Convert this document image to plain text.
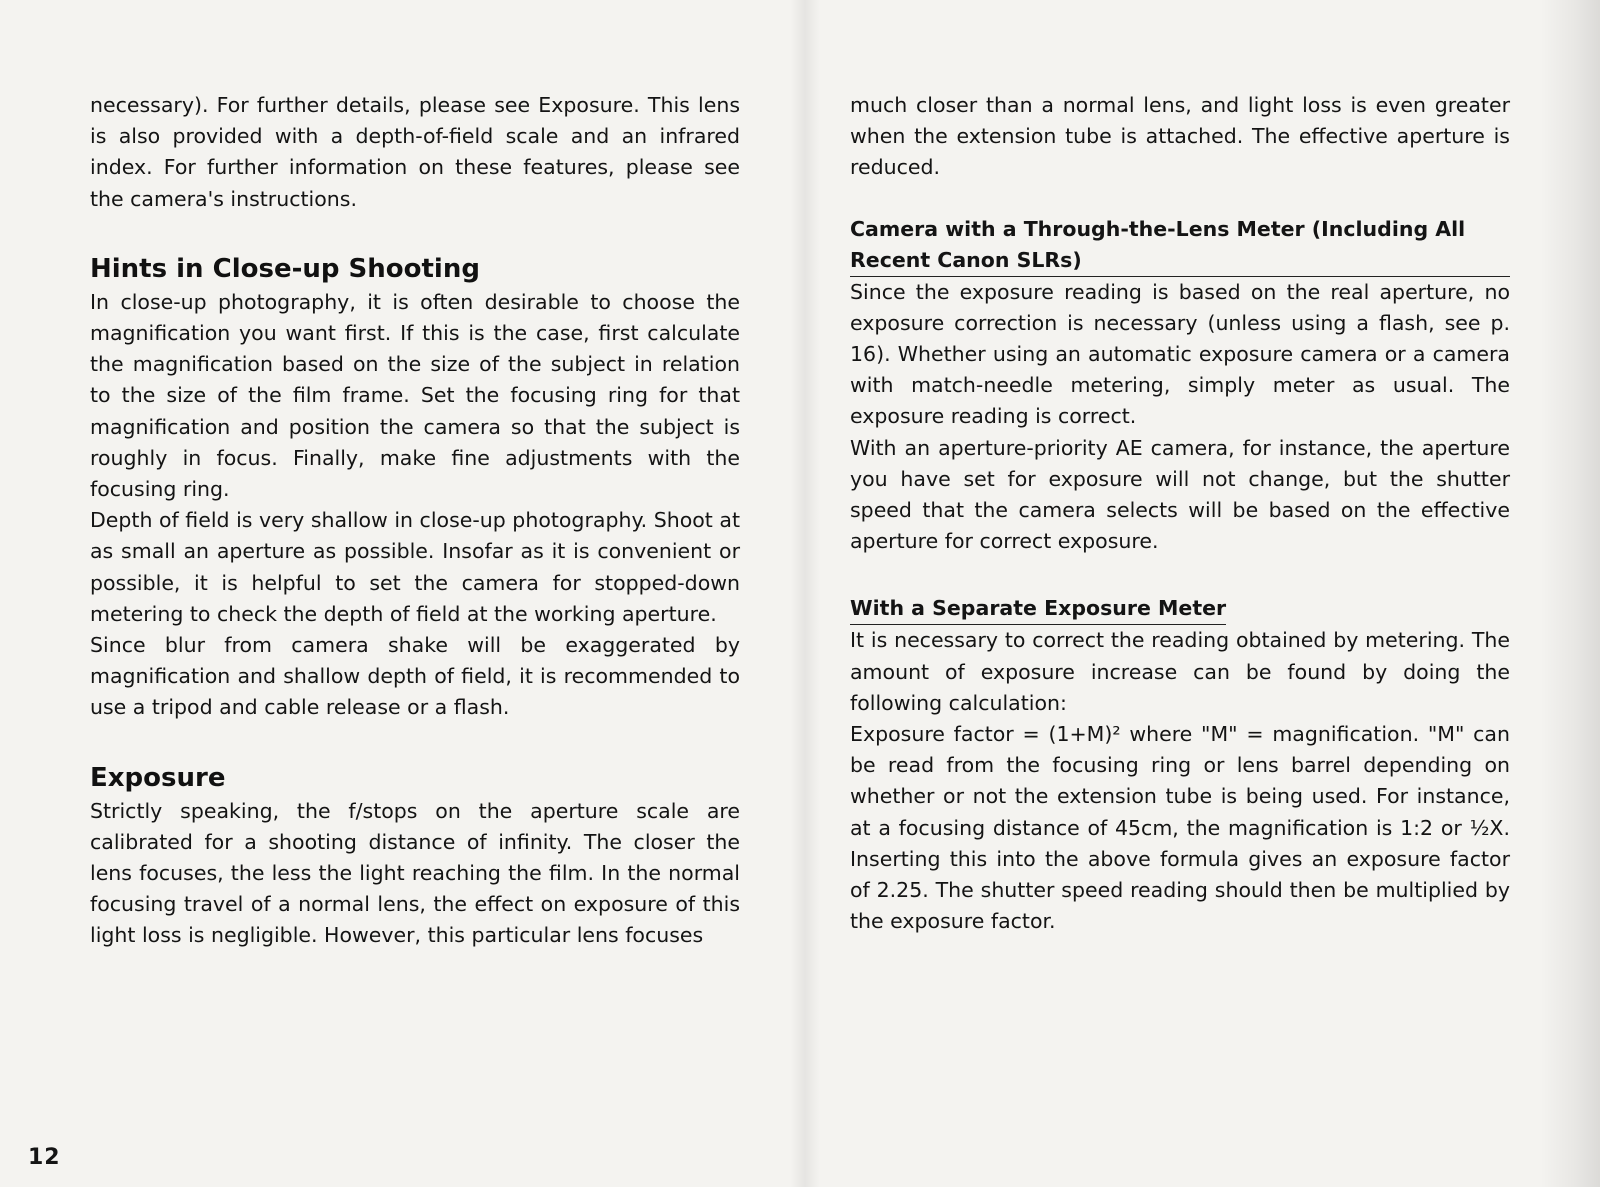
necessary). For further details, please see Exposure. This lens is also provided with a depth-of-field scale and an infrared index. For further information on these features, please see the camera's instructions.

Hints in Close-up Shooting

In close-up photography, it is often desirable to choose the magnification you want first. If this is the case, first calculate the magnification based on the size of the subject in relation to the size of the film frame. Set the focusing ring for that magnification and position the camera so that the subject is roughly in focus. Finally, make fine adjustments with the focusing ring.

Depth of field is very shallow in close-up photography. Shoot at as small an aperture as possible. Insofar as it is convenient or possible, it is helpful to set the camera for stopped-down metering to check the depth of field at the working aperture.

Since blur from camera shake will be exaggerated by magnification and shallow depth of field, it is recommended to use a tripod and cable release or a flash.

Exposure

Strictly speaking, the f/stops on the aperture scale are calibrated for a shooting distance of infinity. The closer the lens focuses, the less the light reaching the film. In the normal focusing travel of a normal lens, the effect on exposure of this light loss is negligible. However, this particular lens focuses

12

much closer than a normal lens, and light loss is even greater when the extension tube is attached. The effective aperture is reduced.

Camera with a Through-the-Lens Meter (Including All Recent Canon SLRs)

Since the exposure reading is based on the real aperture, no exposure correction is necessary (unless using a flash, see p. 16). Whether using an automatic exposure camera or a camera with match-needle metering, simply meter as usual. The exposure reading is correct.

With an aperture-priority AE camera, for instance, the aperture you have set for exposure will not change, but the shutter speed that the camera selects will be based on the effective aperture for correct exposure.

With a Separate Exposure Meter

It is necessary to correct the reading obtained by metering. The amount of exposure increase can be found by doing the following calculation:

Exposure factor = (1+M)² where "M" = magnification. "M" can be read from the focusing ring or lens barrel depending on whether or not the extension tube is being used. For instance, at a focusing distance of 45cm, the magnification is 1:2 or ½X. Inserting this into the above formula gives an exposure factor of 2.25. The shutter speed reading should then be multiplied by the exposure factor.
